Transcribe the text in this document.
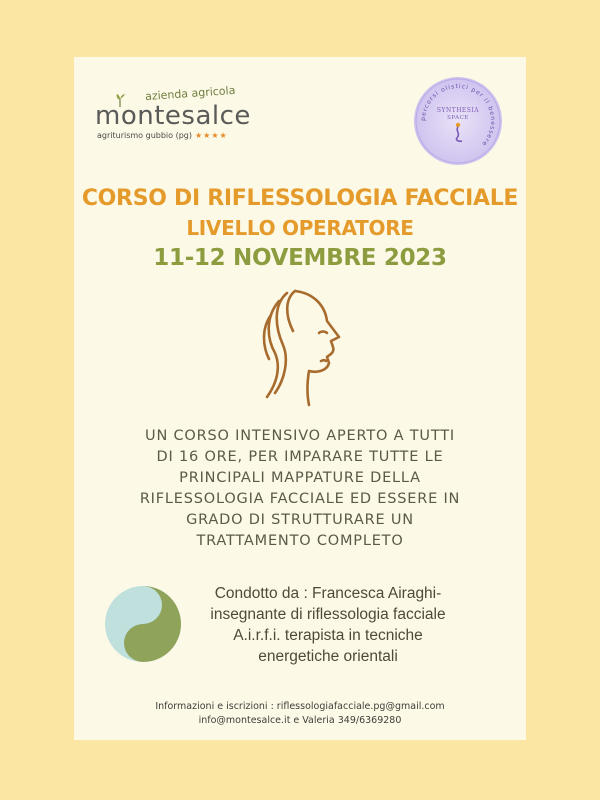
azienda agricola
montesalce
agriturismo gubbio (pg) ★★★★
percorsi olistici per il benessere
SYNTHESIA
SPACE
CORSO DI RIFLESSOLOGIA FACCIALE
LIVELLO OPERATORE
11-12 NOVEMBRE 2023
UN CORSO INTENSIVO APERTO A TUTTI
DI 16 ORE, PER IMPARARE TUTTE LE
PRINCIPALI MAPPATURE DELLA
RIFLESSOLOGIA FACCIALE ED ESSERE IN
GRADO DI STRUTTURARE UN
TRATTAMENTO COMPLETO
Condotto da : Francesca Airaghi-
insegnante di riflessologia facciale
A.i.r.f.i. terapista in tecniche
energetiche orientali
Informazioni e iscrizioni : riflessologiafacciale.pg@gmail.com
info@montesalce.it e Valeria 349/6369280
